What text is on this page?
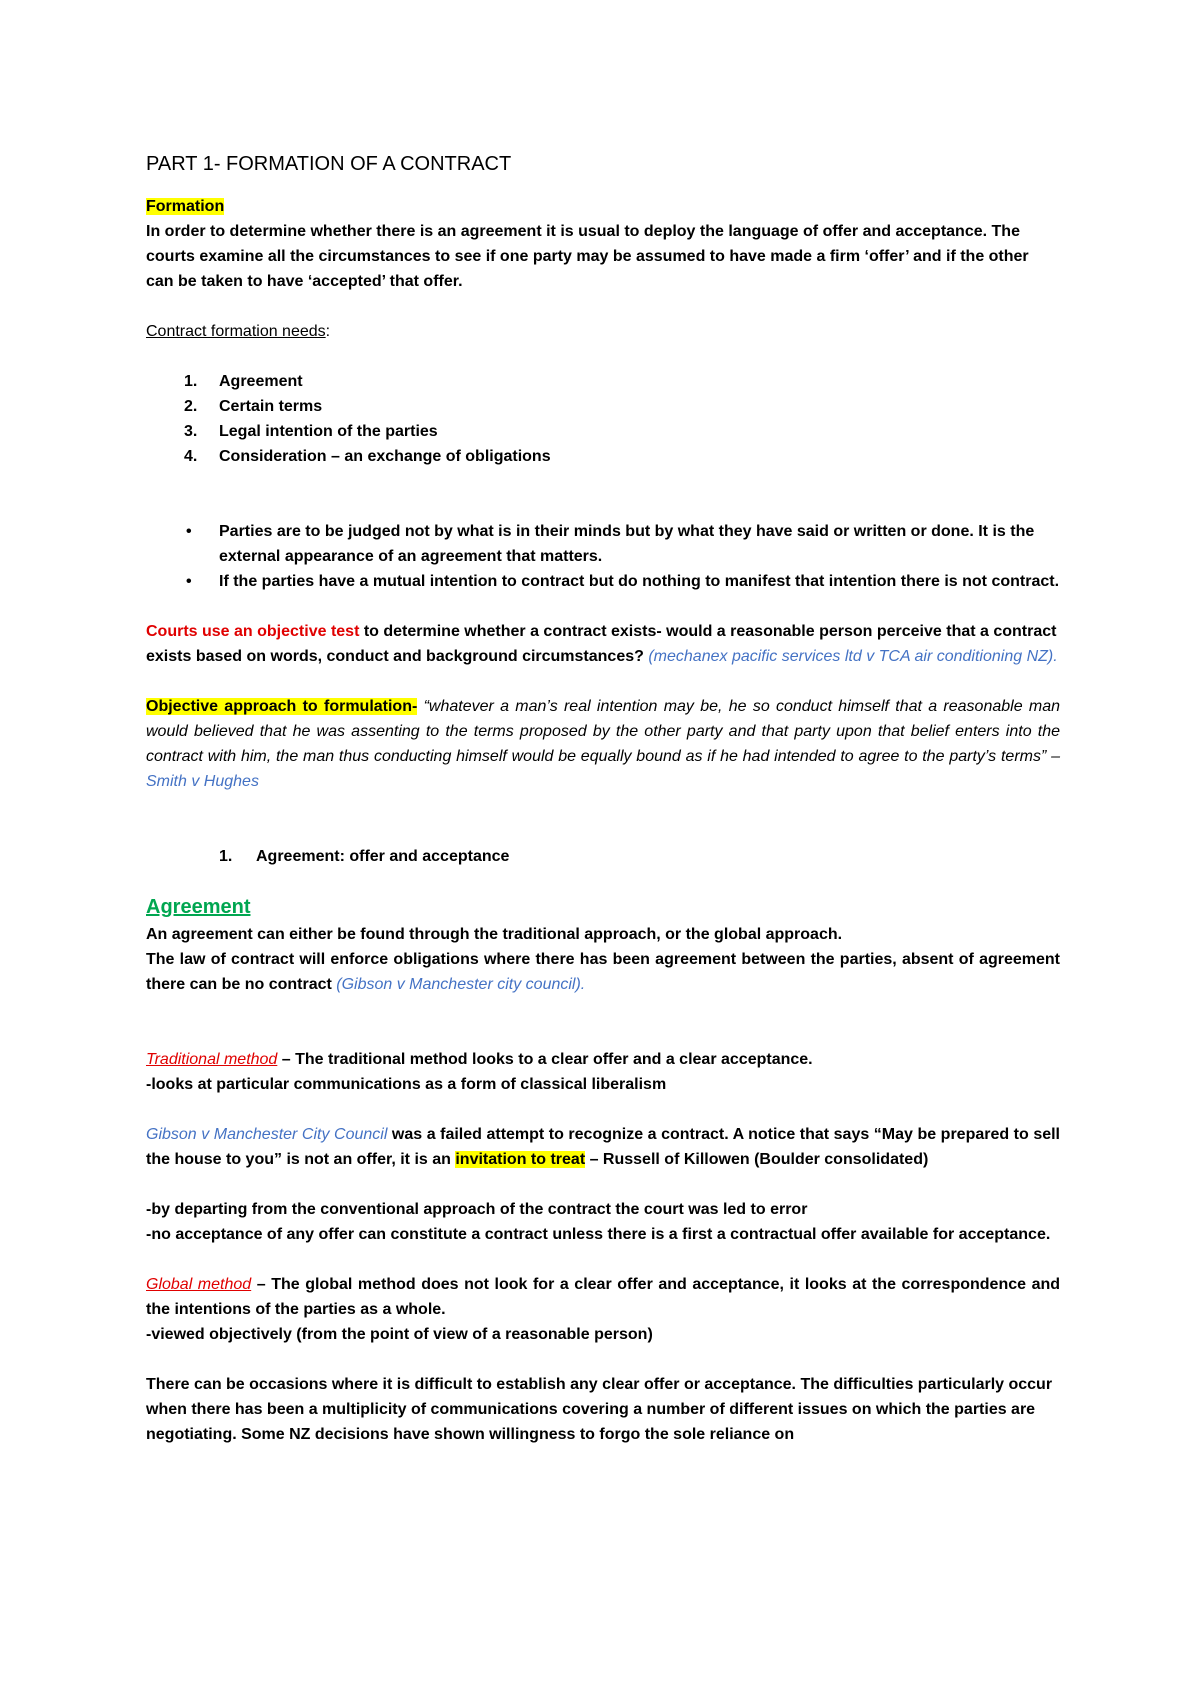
PART 1- FORMATION OF A CONTRACT

Formation

In order to determine whether there is an agreement it is usual to deploy the language of offer and acceptance. The courts examine all the circumstances to see if one party may be assumed to have made a firm ‘offer’ and if the other can be taken to have ‘accepted’ that offer.

Contract formation needs:

1. Agreement
2. Certain terms
3. Legal intention of the parties
4. Consideration – an exchange of obligations
• Parties are to be judged not by what is in their minds but by what they have said or written or done. It is the external appearance of an agreement that matters.
• If the parties have a mutual intention to contract but do nothing to manifest that intention there is not contract.

Courts use an objective test to determine whether a contract exists- would a reasonable person perceive that a contract exists based on words, conduct and background circumstances? (mechanex pacific services ltd v TCA air conditioning NZ).

Objective approach to formulation- “whatever a man’s real intention may be, he so conduct himself that a reasonable man would believed that he was assenting to the terms proposed by the other party and that party upon that belief enters into the contract with him, the man thus conducting himself would be equally bound as if he had intended to agree to the party’s terms” – Smith v Hughes

1. Agreement: offer and acceptance

Agreement

An agreement can either be found through the traditional approach, or the global approach.

The law of contract will enforce obligations where there has been agreement between the parties, absent of agreement there can be no contract (Gibson v Manchester city council).

Traditional method – The traditional method looks to a clear offer and a clear acceptance.

-looks at particular communications as a form of classical liberalism

Gibson v Manchester City Council was a failed attempt to recognize a contract. A notice that says “May be prepared to sell the house to you” is not an offer, it is an invitation to treat – Russell of Killowen (Boulder consolidated)

-by departing from the conventional approach of the contract the court was led to error

-no acceptance of any offer can constitute a contract unless there is a first a contractual offer available for acceptance.

Global method – The global method does not look for a clear offer and acceptance, it looks at the correspondence and the intentions of the parties as a whole.

-viewed objectively (from the point of view of a reasonable person)

There can be occasions where it is difficult to establish any clear offer or acceptance. The difficulties particularly occur when there has been a multiplicity of communications covering a number of different issues on which the parties are negotiating. Some NZ decisions have shown willingness to forgo the sole reliance on
